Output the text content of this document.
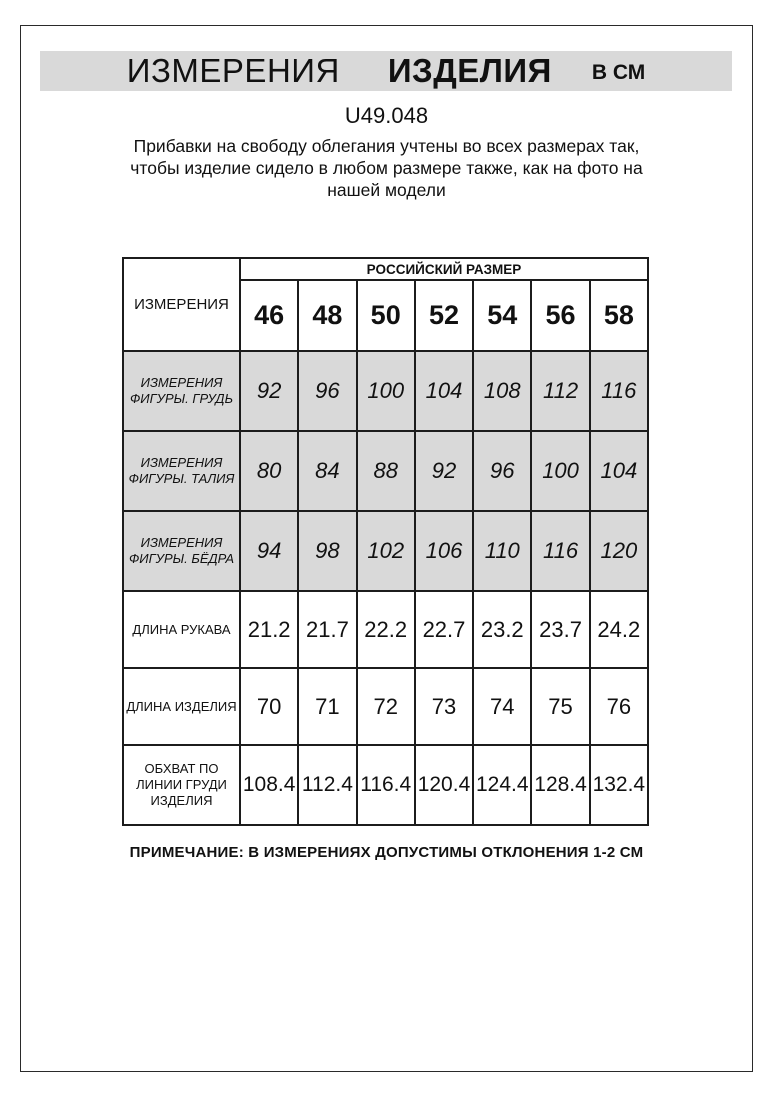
ИЗМЕРЕНИЯ ИЗДЕЛИЯ В СМ
U49.048
Прибавки на свободу облегания учтены во всех размерах так,
чтобы изделие сидело в любом размере также, как на фото на
нашей модели
ИЗМЕРЕНИЯ	РОССИЙСКИЙ РАЗМЕР						
	46	48	50	52	54	56	58
ИЗМЕРЕНИЯ ФИГУРЫ. ГРУДЬ	92	96	100	104	108	112	116
ИЗМЕРЕНИЯ ФИГУРЫ. ТАЛИЯ	80	84	88	92	96	100	104
ИЗМЕРЕНИЯ ФИГУРЫ. БЁДРА	94	98	102	106	110	116	120
ДЛИНА РУКАВА	21.2	21.7	22.2	22.7	23.2	23.7	24.2
ДЛИНА ИЗДЕЛИЯ	70	71	72	73	74	75	76
ОБХВАТ ПО ЛИНИИ ГРУДИ ИЗДЕЛИЯ	108.4	112.4	116.4	120.4	124.4	128.4	132.4
ПРИМЕЧАНИЕ: В ИЗМЕРЕНИЯХ ДОПУСТИМЫ ОТКЛОНЕНИЯ 1-2 СМ
